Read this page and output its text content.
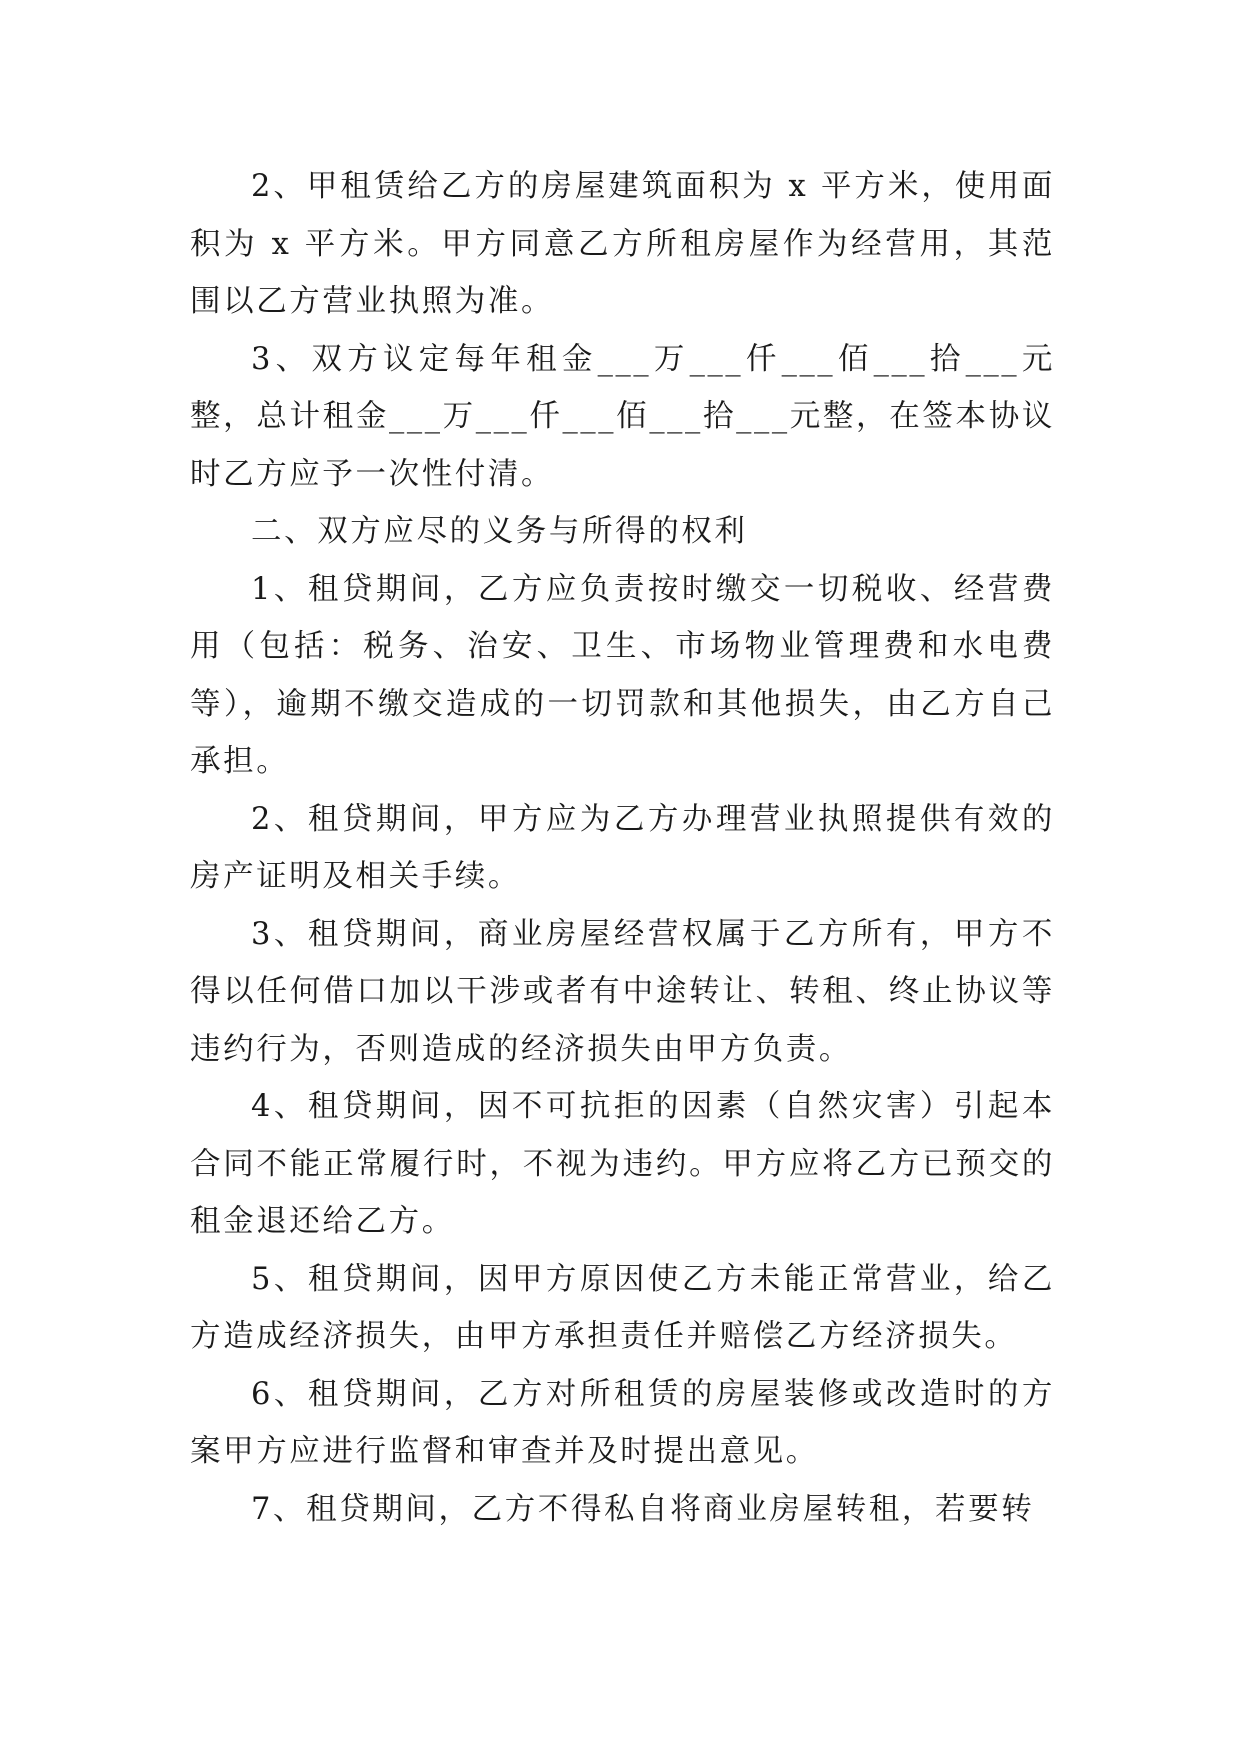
2、甲租赁给乙方的房屋建筑面积为 x 平方米，使用面积为 x 平方米。甲方同意乙方所租房屋作为经营用，其范围以乙方营业执照为准。

3、双方议定每年租金___万___仟___佰___拾___元整，总计租金___万___仟___佰___拾___元整，在签本协议时乙方应予一次性付清。

二、双方应尽的义务与所得的权利

1、租贷期间，乙方应负责按时缴交一切税收、经营费用（包括：税务、治安、卫生、市场物业管理费和水电费等），逾期不缴交造成的一切罚款和其他损失，由乙方自己承担。

2、租贷期间，甲方应为乙方办理营业执照提供有效的房产证明及相关手续。

3、租贷期间，商业房屋经营权属于乙方所有，甲方不得以任何借口加以干涉或者有中途转让、转租、终止协议等违约行为，否则造成的经济损失由甲方负责。

4、租贷期间，因不可抗拒的因素（自然灾害）引起本合同不能正常履行时，不视为违约。甲方应将乙方已预交的租金退还给乙方。

5、租贷期间，因甲方原因使乙方未能正常营业，给乙方造成经济损失，由甲方承担责任并赔偿乙方经济损失。

6、租贷期间，乙方对所租赁的房屋装修或改造时的方案甲方应进行监督和审查并及时提出意见。

7、租贷期间，乙方不得私自将商业房屋转租，若要转
